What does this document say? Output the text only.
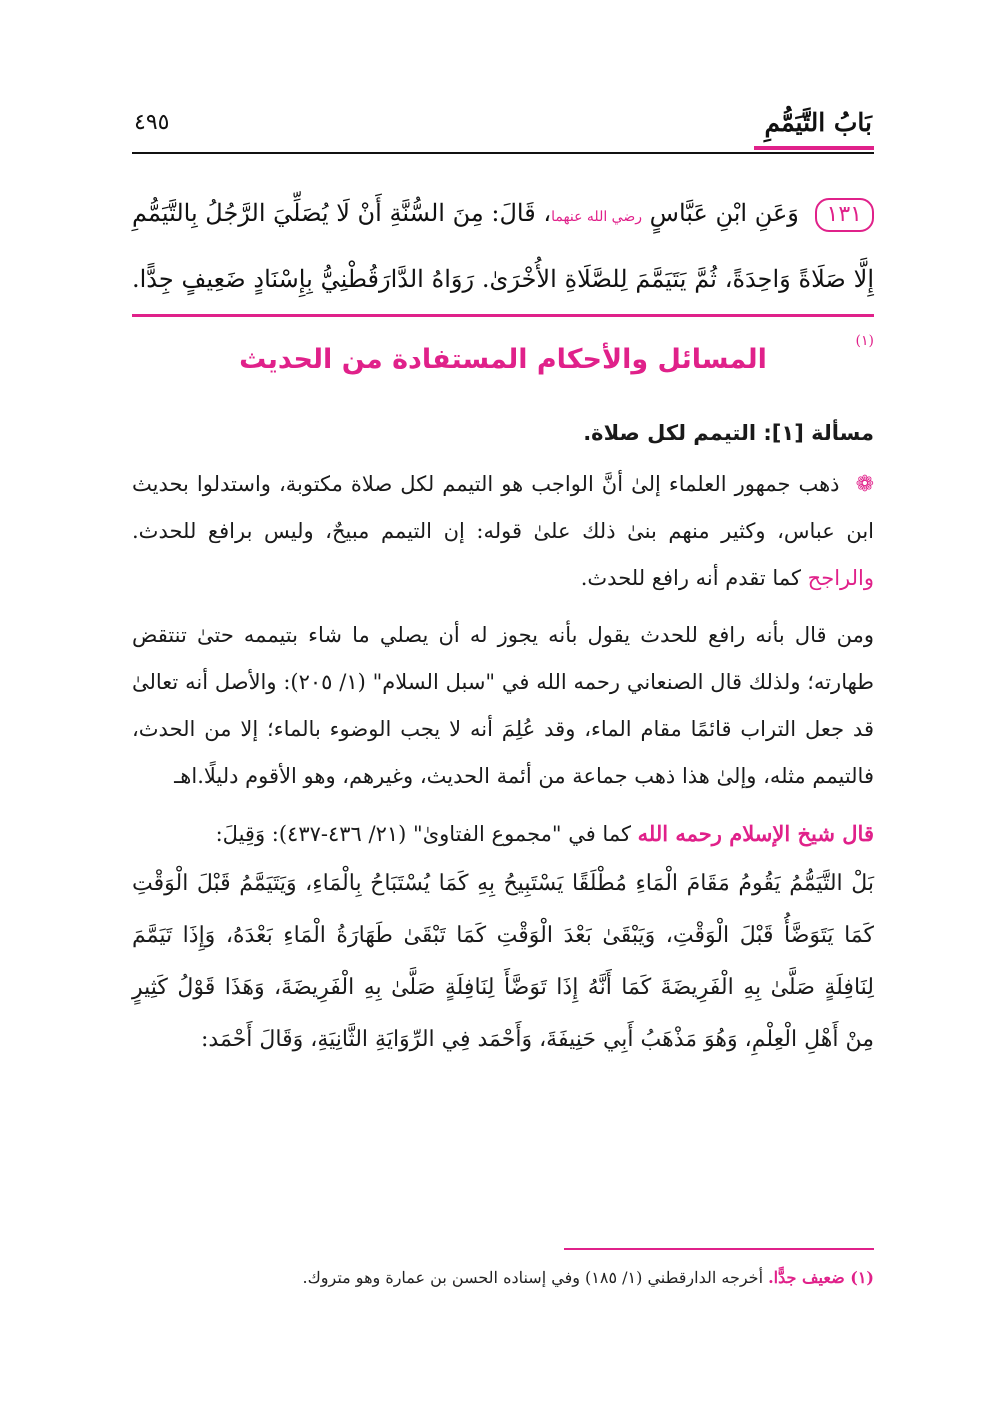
بَابُ التَّيَمُّمِ
٤٩٥
١٣١ وَعَنِ ابْنِ عَبَّاسٍ رضي الله عنهما، قَالَ: مِنَ السُّنَّةِ أَنْ لَا يُصَلِّيَ الرَّجُلُ بِالتَّيَمُّمِ إِلَّا صَلَاةً وَاحِدَةً، ثُمَّ يَتَيَمَّمَ لِلصَّلَاةِ الأُخْرَىٰ. رَوَاهُ الدَّارَقُطْنِيُّ بِإِسْنَادٍ ضَعِيفٍ جِدًّا. $^{(١)}$
المسائل والأحكام المستفادة من الحديث
مسألة [١]: التيمم لكل صلاة.

❁ ذهب جمهور العلماء إلىٰ أنَّ الواجب هو التيمم لكل صلاة مكتوبة، واستدلوا بحديث ابن عباس، وكثير منهم بنىٰ ذلك علىٰ قوله: إن التيمم مبيحٌ، وليس برافع للحدث. والراجح كما تقدم أنه رافع للحدث.

ومن قال بأنه رافع للحدث يقول بأنه يجوز له أن يصلي ما شاء بتيممه حتىٰ تنتقض طهارته؛ ولذلك قال الصنعاني رحمه الله في "سبل السلام" (١/ ٢٠٥): والأصل أنه تعالىٰ قد جعل التراب قائمًا مقام الماء، وقد عُلِمَ أنه لا يجب الوضوء بالماء؛ إلا من الحدث، فالتيمم مثله، وإلىٰ هذا ذهب جماعة من أئمة الحديث، وغيرهم، وهو الأقوم دليلًا.اهـ

قال شيخ الإسلام رحمه الله كما في "مجموع الفتاوىٰ" (٢١/ ٤٣٦-٤٣٧): وَقِيلَ:

بَلْ التَّيَمُّمُ يَقُومُ مَقَامَ الْمَاءِ مُطْلَقًا يَسْتَبِيحُ بِهِ كَمَا يُسْتَبَاحُ بِالْمَاءِ، وَيَتَيَمَّمُ قَبْلَ الْوَقْتِ كَمَا يَتَوَضَّأُ قَبْلَ الْوَقْتِ، وَيَبْقَىٰ بَعْدَ الْوَقْتِ كَمَا تَبْقَىٰ طَهَارَةُ الْمَاءِ بَعْدَهُ، وَإِذَا تَيَمَّمَ لِنَافِلَةٍ صَلَّىٰ بِهِ الْفَرِيضَةَ كَمَا أَنَّهُ إِذَا تَوَضَّأَ لِنَافِلَةٍ صَلَّىٰ بِهِ الْفَرِيضَةَ، وَهَذَا قَوْلُ كَثِيرٍ مِنْ أَهْلِ الْعِلْمِ، وَهُوَ مَذْهَبُ أَبِي حَنِيفَةَ، وَأَحْمَد فِي الرِّوَايَةِ الثَّانِيَةِ، وَقَالَ أَحْمَد:

(١) ضعيف جدًّا. أخرجه الدارقطني (١/ ١٨٥) وفي إسناده الحسن بن عمارة وهو متروك.
